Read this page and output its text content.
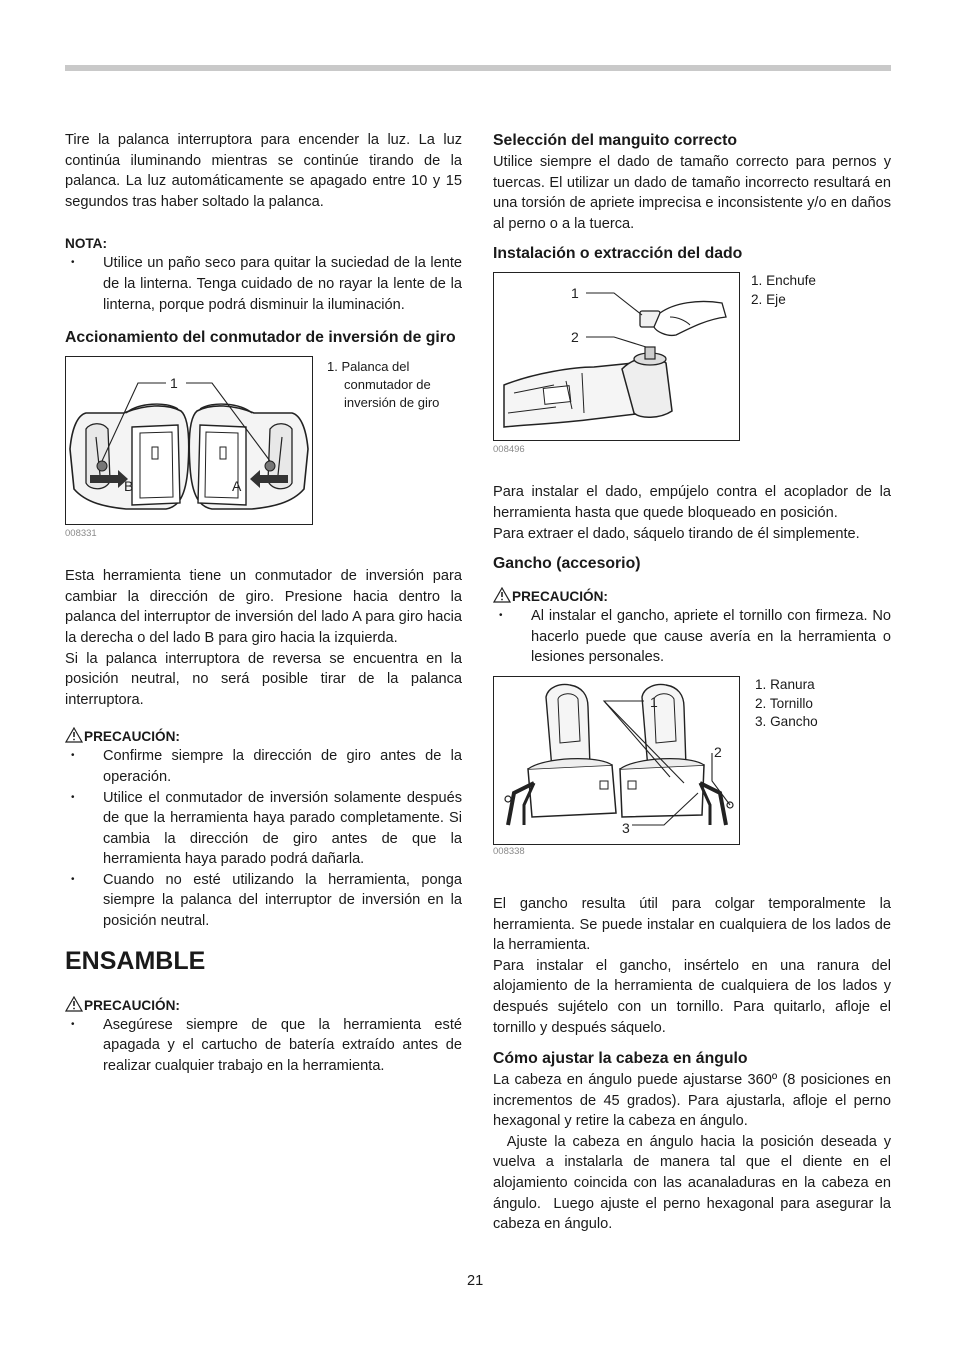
Tire la palanca interruptora para encender la luz. La luz continúa iluminando mientras se continúe tirando de la palanca. La luz automáticamente se apagado entre 10 y 15 segundos tras haber soltado la palanca.

NOTA:
• Utilice un paño seco para quitar la suciedad de la lente de la linterna. Tenga cuidado de no rayar la lente de la linterna, porque podrá disminuir la iluminación.
Accionamiento del conmutador de inversión de giro
1
B	A
008331
1. Palanca del
conmutador de
inversión de giro

Esta herramienta tiene un conmutador de inversión para cambiar la dirección de giro. Presione hacia dentro la palanca del interruptor de inversión del lado A para giro hacia la derecha o del lado B para giro hacia la izquierda.

Si la palanca interruptora de reversa se encuentra en la posición neutral, no será posible tirar de la palanca interruptora.

PRECAUCIÓN:
• Confirme siempre la dirección de giro antes de la operación.
• Utilice el conmutador de inversión solamente después de que la herramienta haya parado completamente. Si cambia la dirección de giro antes de que la herramienta haya parado podrá dañarla.
• Cuando no esté utilizando la herramienta, ponga siempre la palanca del interruptor de inversión en la posición neutral.
ENSAMBLE
PRECAUCIÓN:
• Asegúrese siempre de que la herramienta esté apagada y el cartucho de batería extraído antes de realizar cualquier trabajo en la herramienta.
Selección del manguito correcto

Utilice siempre el dado de tamaño correcto para pernos y tuercas. El utilizar un dado de tamaño incorrecto resultará en una torsión de apriete imprecisa e inconsistente y/o en daños al perno o a la tuerca.

Instalación o extracción del dado
1
2
008496
1. Enchufe
2. Eje

Para instalar el dado, empújelo contra el acoplador de la herramienta hasta que quede bloqueado en posición.

Para extraer el dado, sáquelo tirando de él simplemente.

Gancho (accesorio)
PRECAUCIÓN:
• Al instalar el gancho, apriete el tornillo con firmeza. No hacerlo puede que cause avería en la herramienta o lesiones personales.
1
2
3
008338
1. Ranura
2. Tornillo
3. Gancho

El gancho resulta útil para colgar temporalmente la herramienta. Se puede instalar en cualquiera de los lados de la herramienta.

Para instalar el gancho, insértelo en una ranura del alojamiento de la herramienta de cualquiera de los lados y después sujételo con un tornillo. Para quitarlo, afloje el tornillo y después sáquelo.

Cómo ajustar la cabeza en ángulo

La cabeza en ángulo puede ajustarse 360º (8 posiciones en incrementos de 45 grados). Para ajustarla, afloje el perno hexagonal y retire la cabeza en ángulo.

Ajuste la cabeza en ángulo hacia la posición deseada y vuelva a instalarla de manera tal que el diente en el alojamiento coincida con las acanaladuras en la cabeza en ángulo.  Luego ajuste el perno hexagonal para asegurar la cabeza en ángulo.

21
